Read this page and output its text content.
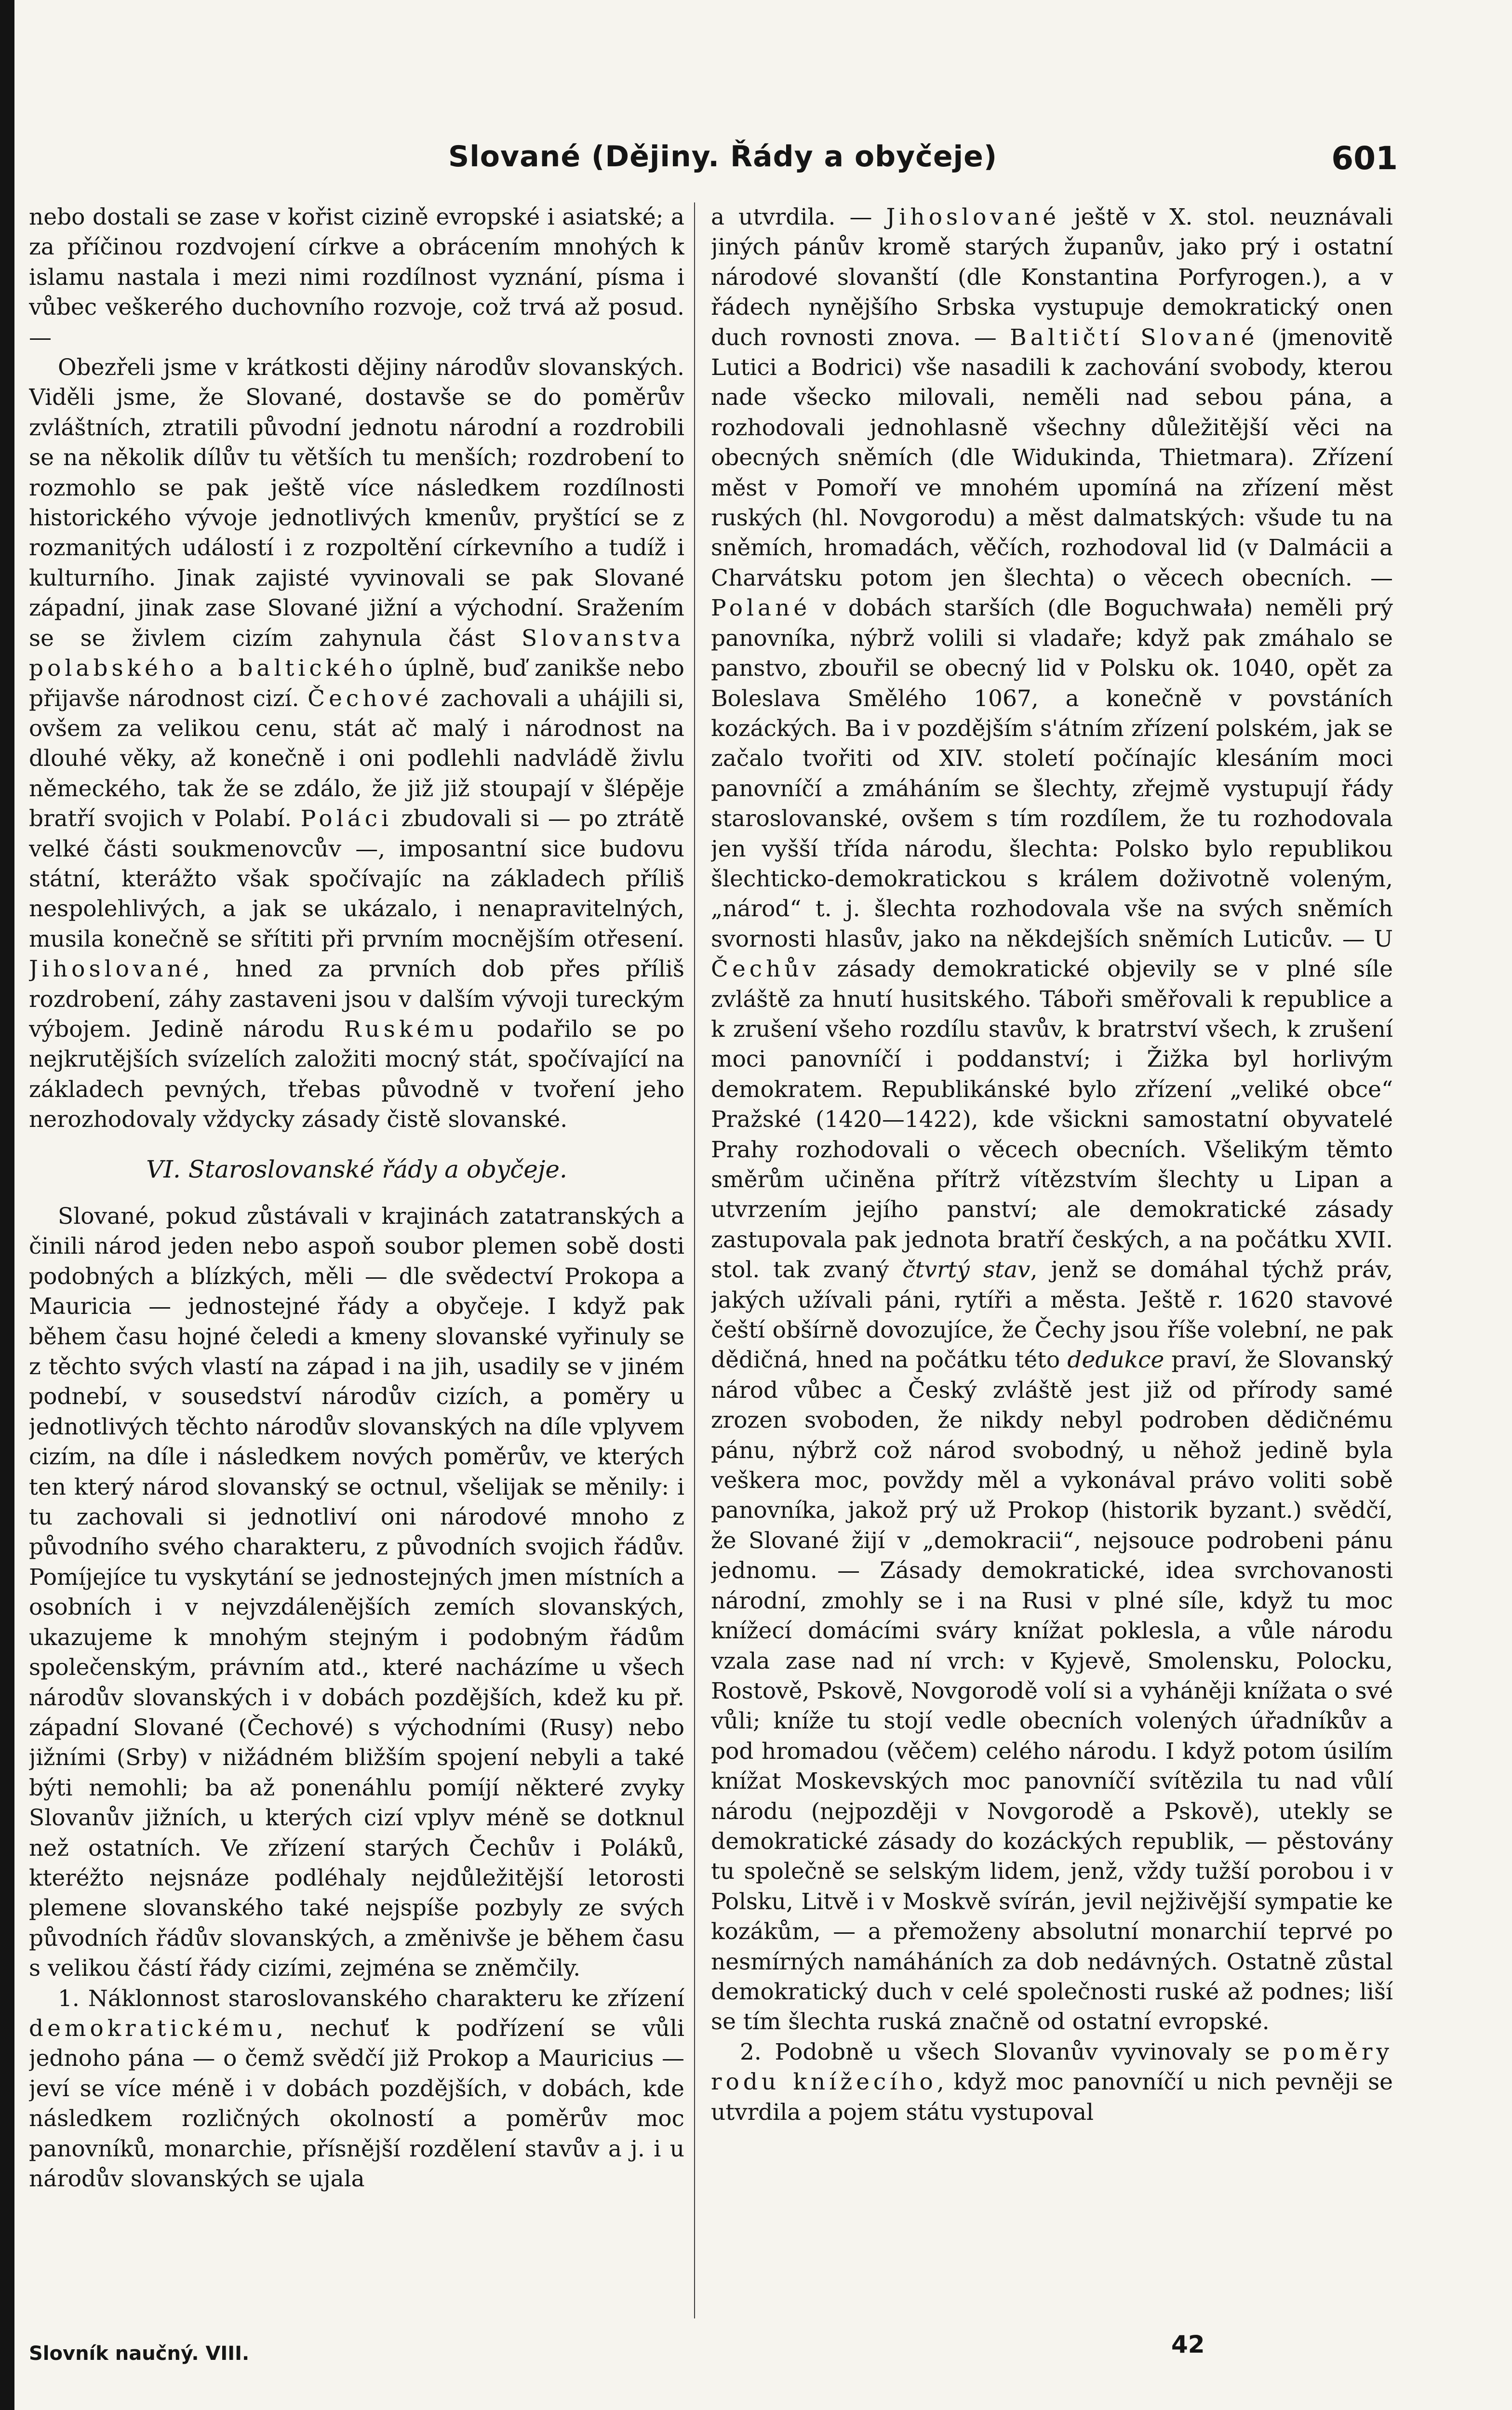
Slované (Dějiny. Řády a obyčeje)	601

nebo dostali se zase v kořist cizině evropské i asiatské; a za příčinou rozdvojení církve a obrácením mnohých k islamu nastala i mezi nimi rozdílnost vyznání, písma i vůbec veškerého duchovního rozvoje, což trvá až posud. —

Obezřeli jsme v krátkosti dějiny národův slovanských. Viděli jsme, že Slované, dostavše se do poměrův zvláštních, ztratili původní jednotu národní a rozdrobili se na několik dílův tu větších tu menších; rozdrobení to rozmohlo se pak ještě více následkem rozdílnosti historického vývoje jednotlivých kmenův, pryštící se z rozmanitých událostí i z rozpoltění církevního a tudíž i kulturního. Jinak zajisté vyvinovali se pak Slované západní, jinak zase Slované jižní a východní. Sražením se se živlem cizím zahynula část Slovanstva polabského a baltického úplně, buď zanikše nebo přijavše národnost cizí. Čechové zachovali a uhájili si, ovšem za velikou cenu, stát ač malý i národnost na dlouhé věky, až konečně i oni podlehli nadvládě živlu německého, tak že se zdálo, že již již stoupají v šlépěje bratří svojich v Polabí. Poláci zbudovali si — po ztrátě velké části soukmenovcův —, imposantní sice budovu státní, kterážto však spočívajíc na základech příliš nespolehlivých, a jak se ukázalo, i nenapravitelných, musila konečně se sřítiti při prvním mocnějším otřesení. Jihoslované, hned za prvních dob přes příliš rozdrobení, záhy zastaveni jsou v dalším vývoji tureckým výbojem. Jedině národu Ruskému podařilo se po nejkrutějších svízelích založiti mocný stát, spočívající na základech pevných, třebas původně v tvoření jeho nerozhodovaly vždycky zásady čistě slovanské.

VI. Staroslovanské řády a obyčeje.

Slované, pokud zůstávali v krajinách zatatranských a činili národ jeden nebo aspoň soubor plemen sobě dosti podobných a blízkých, měli — dle svědectví Prokopa a Mauricia — jednostejné řády a obyčeje. I když pak během času hojné čeledi a kmeny slovanské vyřinuly se z těchto svých vlastí na západ i na jih, usadily se v jiném podnebí, v sousedství národův cizích, a poměry u jednotlivých těchto národův slovanských na díle vplyvem cizím, na díle i následkem nových poměrův, ve kterých ten který národ slovanský se octnul, všelijak se měnily: i tu zachovali si jednotliví oni národové mnoho z původního svého charakteru, z původních svojich řádův. Pomíjejíce tu vyskytání se jednostejných jmen místních a osobních i v nejvzdálenějších zemích slovanských, ukazujeme k mnohým stejným i podobným řádům společenským, právním atd., které nacházíme u všech národův slovanských i v dobách pozdějších, kdež ku př. západní Slované (Čechové) s východními (Rusy) nebo jižními (Srby) v nižádném bližším spojení nebyli a také býti nemohli; ba až ponenáhlu pomíjí některé zvyky Slovanův jižních, u kterých cizí vplyv méně se dotknul než ostatních. Ve zřízení starých Čechův i Poláků, kteréžto nejsnáze podléhaly nejdůležitější letorosti plemene slovanského také nejspíše pozbyly ze svých původních řádův slovanských, a změnivše je během času s velikou částí řády cizími, zejména se zněmčily.

1. Náklonnost staroslovanského charakteru ke zřízení demokratickému, nechuť k podřízení se vůli jednoho pána — o čemž svědčí již Prokop a Mauricius — jeví se více méně i v dobách pozdějších, v dobách, kde následkem rozličných okolností a poměrův moc panovníků, monarchie, přísnější rozdělení stavův a j. i u národův slovanských se ujala

a utvrdila. — Jihoslované ještě v X. stol. neuznávali jiných pánův kromě starých županův, jako prý i ostatní národové slovanští (dle Konstantina Porfyrogen.), a v řádech nynějšího Srbska vystupuje demokratický onen duch rovnosti znova. — Baltičtí Slované (jmenovitě Lutici a Bodrici) vše nasadili k zachování svobody, kterou nade všecko milovali, neměli nad sebou pána, a rozhodovali jednohlasně všechny důležitější věci na obecných sněmích (dle Widukinda, Thietmara). Zřízení měst v Pomoří ve mnohém upomíná na zřízení měst ruských (hl. Novgorodu) a měst dalmatských: všude tu na sněmích, hromadách, věčích, rozhodoval lid (v Dalmácii a Charvátsku potom jen šlechta) o věcech obecních. — Polané v dobách starších (dle Boguchwała) neměli prý panovníka, nýbrž volili si vladaře; když pak zmáhalo se panstvo, zbouřil se obecný lid v Polsku ok. 1040, opět za Boleslava Smělého 1067, a konečně v povstáních kozáckých. Ba i v pozdějším s'átním zřízení polském, jak se začalo tvořiti od XIV. století počínajíc klesáním moci panovníčí a zmáháním se šlechty, zřejmě vystupují řády staroslovanské, ovšem s tím rozdílem, že tu rozhodovala jen vyšší třída národu, šlechta: Polsko bylo republikou šlechticko-demokratickou s králem doživotně voleným, „národ“ t. j. šlechta rozhodovala vše na svých sněmích svornosti hlasův, jako na někdejších sněmích Luticův. — U Čechův zásady demokratické objevily se v plné síle zvláště za hnutí husitského. Táboři směřovali k republice a k zrušení všeho rozdílu stavův, k bratrství všech, k zrušení moci panovníčí i poddanství; i Žižka byl horlivým demokratem. Republikánské bylo zřízení „veliké obce“ Pražské (1420—1422), kde všickni samostatní obyvatelé Prahy rozhodovali o věcech obecních. Všelikým těmto směrům učiněna přítrž vítězstvím šlechty u Lipan a utvrzením jejího panství; ale demokratické zásady zastupovala pak jednota bratří českých, a na počátku XVII. stol. tak zvaný čtvrtý stav, jenž se domáhal týchž práv, jakých užívali páni, rytíři a města. Ještě r. 1620 stavové čeští obšírně dovozujíce, že Čechy jsou říše volební, ne pak dědičná, hned na počátku této dedukce praví, že Slovanský národ vůbec a Český zvláště jest již od přírody samé zrozen svoboden, že nikdy nebyl podroben dědičnému pánu, nýbrž což národ svobodný, u něhož jedině byla veškera moc, povždy měl a vykonával právo voliti sobě panovníka, jakož prý už Prokop (historik byzant.) svědčí, že Slované žijí v „demokracii“, nejsouce podrobeni pánu jednomu. — Zásady demokratické, idea svrchovanosti národní, zmohly se i na Rusi v plné síle, když tu moc knížecí domácími sváry knížat poklesla, a vůle národu vzala zase nad ní vrch: v Kyjevě, Smolensku, Polocku, Rostově, Pskově, Novgorodě volí si a vyháněji knížata o své vůli; kníže tu stojí vedle obecních volených úřadníkův a pod hromadou (věčem) celého národu. I když potom úsilím knížat Moskevských moc panovníčí svítězila tu nad vůlí národu (nejpozději v Novgorodě a Pskově), utekly se demokratické zásady do kozáckých republik, — pěstovány tu společně se selským lidem, jenž, vždy tužší porobou i v Polsku, Litvě i v Moskvě svírán, jevil nejživější sympatie ke kozákům, — a přemoženy absolutní monarchií teprvé po nesmírných namáháních za dob nedávných. Ostatně zůstal demokratický duch v celé společnosti ruské až podnes; liší se tím šlechta ruská značně od ostatní evropské.

2. Podobně u všech Slovanův vyvinovaly se poměry rodu knížecího, když moc panovníčí u nich pevněji se utvrdila a pojem státu vystupoval

Slovník naučný. VIII.	42
